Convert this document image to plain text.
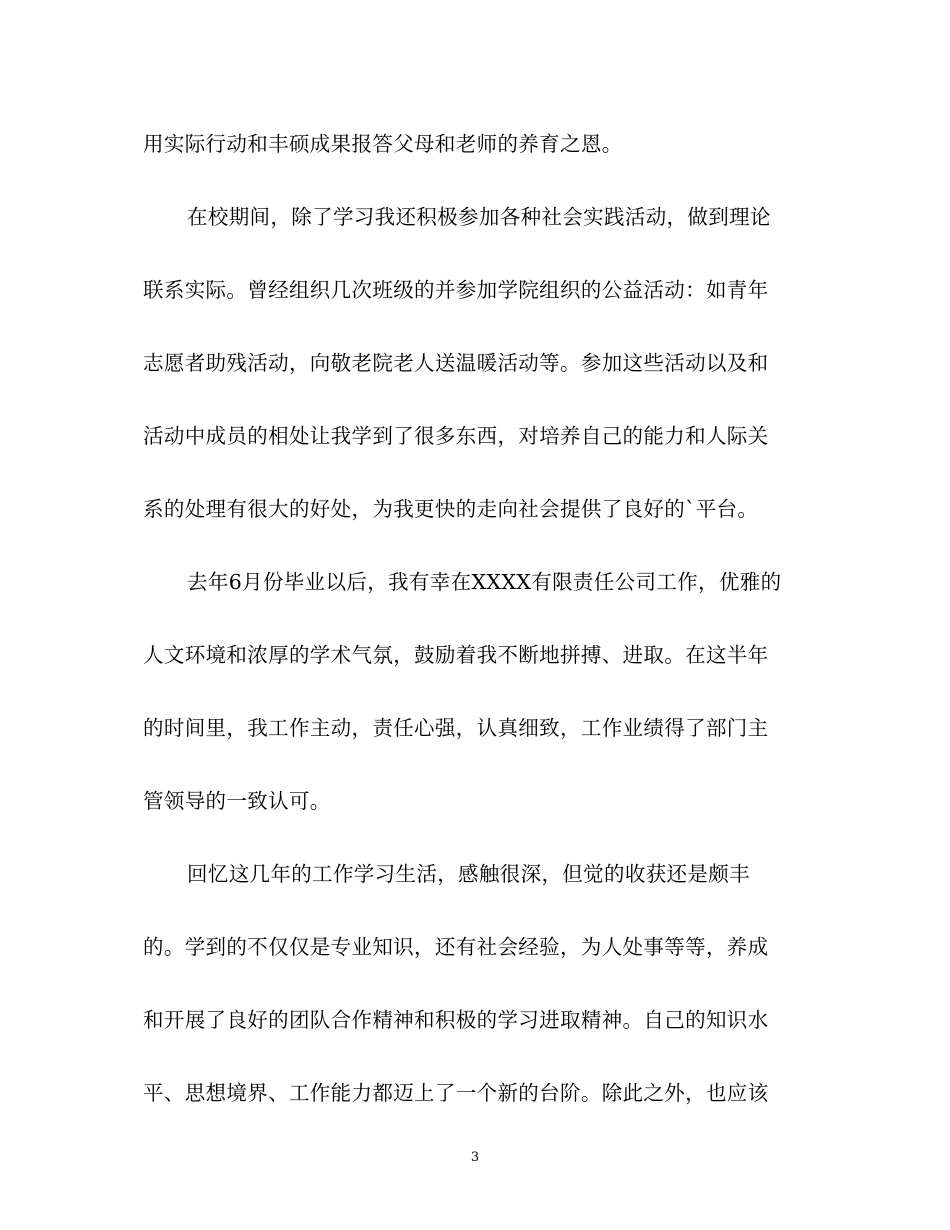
用实际行动和丰硕成果报答父母和老师的养育之恩。
在校期间，除了学习我还积极参加各种社会实践活动，做到理论
联系实际。曾经组织几次班级的并参加学院组织的公益活动：如青年
志愿者助残活动，向敬老院老人送温暖活动等。参加这些活动以及和
活动中成员的相处让我学到了很多东西，对培养自己的能力和人际关
系的处理有很大的好处，为我更快的走向社会提供了良好的`平台。
去年6月份毕业以后，我有幸在XXXX有限责任公司工作，优雅的
人文环境和浓厚的学术气氛，鼓励着我不断地拼搏、进取。在这半年
的时间里，我工作主动，责任心强，认真细致，工作业绩得了部门主
管领导的一致认可。
回忆这几年的工作学习生活，感触很深，但觉的收获还是颇丰
的。学到的不仅仅是专业知识，还有社会经验，为人处事等等，养成
和开展了良好的团队合作精神和积极的学习进取精神。自己的知识水
平、思想境界、工作能力都迈上了一个新的台阶。除此之外，也应该
3
